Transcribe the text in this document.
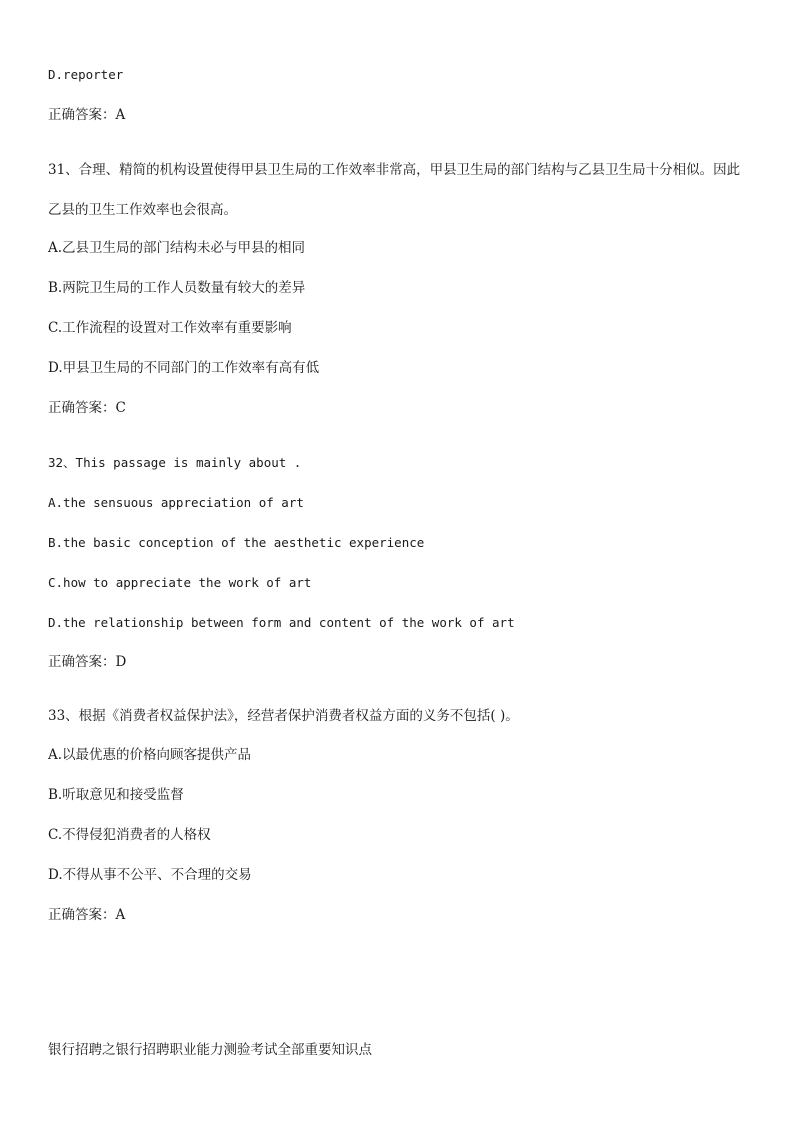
D.reporter
正确答案：A
31、合理、精简的机构设置使得甲县卫生局的工作效率非常高，甲县卫生局的部门结构与乙县卫生局十分相似。因此乙县的卫生工作效率也会很高。
A.乙县卫生局的部门结构未必与甲县的相同
B.两院卫生局的工作人员数量有较大的差异
C.工作流程的设置对工作效率有重要影响
D.甲县卫生局的不同部门的工作效率有高有低
正确答案：C
32、This passage is mainly about .
A.the sensuous appreciation of art
B.the basic conception of the aesthetic experience
C.how to appreciate the work of art
D.the relationship between form and content of the work of art
正确答案：D
33、根据《消费者权益保护法》，经营者保护消费者权益方面的义务不包括( )。
A.以最优惠的价格向顾客提供产品
B.听取意见和接受监督
C.不得侵犯消费者的人格权
D.不得从事不公平、不合理的交易
正确答案：A
银行招聘之银行招聘职业能力测验考试全部重要知识点
